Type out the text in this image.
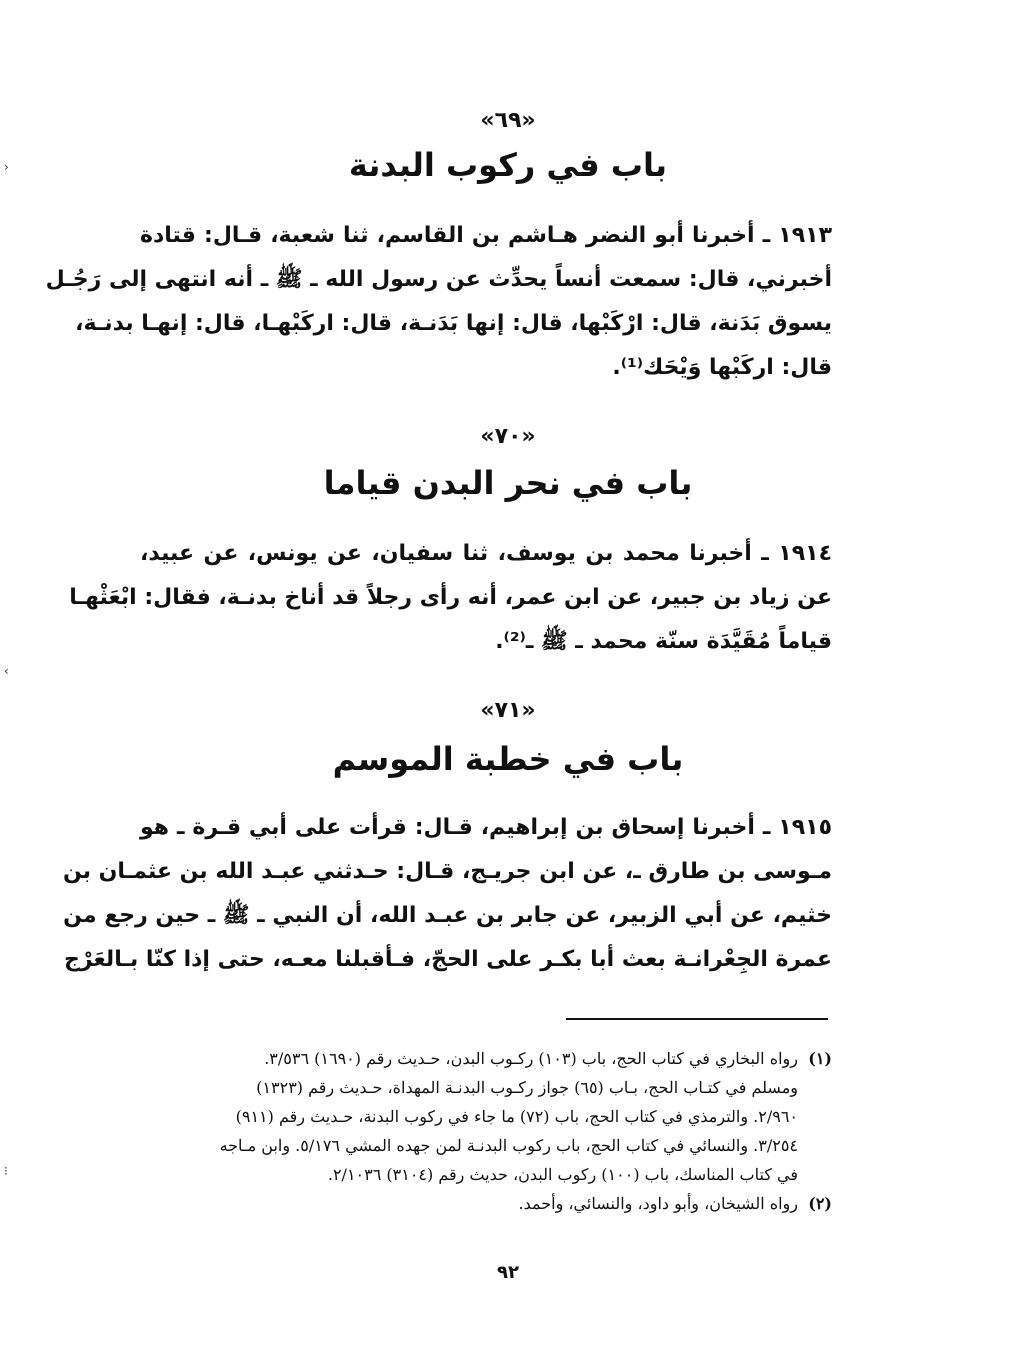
«٦٩»
باب في ركوب البدنة
١٩١٣ ـ أخبرنا أبو النضر هـاشم بن القاسم، ثنا شعبة، قـال: قتادة
أخبرني، قال: سمعت أنساً يحدِّث عن رسول الله ـ ﷺ ـ أنه انتهى إلى رَجُـل
يسوق بَدَنة، قال: ارْكَبْها، قال: إنها بَدَنـة، قال: اركَبْهـا، قال: إنهـا بدنـة،
قال: اركَبْها وَيْحَك⁽¹⁾.
«٧٠»
باب في نحر البدن قياما
١٩١٤ ـ أخبرنا محمد بن يوسف، ثنا سفيان، عن يونس، عن عبيد،
عن زياد بن جبير، عن ابن عمر، أنه رأى رجلاً قد أناخ بدنـة، فقال: ابْعَثْهـا
قياماً مُقَيَّدَة سنّة محمد ـ ﷺ ـ⁽²⁾.
«٧١»
باب في خطبة الموسم
١٩١٥ ـ أخبرنا إسحاق بن إبراهيم، قـال: قرأت على أبي قـرة ـ هو
مـوسى بن طارق ـ، عن ابن جريـج، قـال: حـدثني عبـد الله بن عثمـان بن
خثيم، عن أبي الزبير، عن جابر بن عبـد الله، أن النبي ـ ﷺ ـ حين رجع من
عمرة الجِعْرانـة بعث أبا بكـر على الحجّ، فـأقبلنا معـه، حتى إذا كنّا بـالعَرْج
(١)رواه البخاري في كتاب الحج، باب (١٠٣) ركـوب البدن، حـديث رقم (١٦٩٠) ٣/٥٣٦.
ومسلم في كتـاب الحج، بـاب (٦٥) جواز ركـوب البدنـة المهداة، حـديث رقم (١٣٢٣)
٢/٩٦٠. والترمذي في كتاب الحج، باب (٧٢) ما جاء في ركوب البدنة، حـديث رقم (٩١١)
٣/٢٥٤. والنسائي في كتاب الحج، باب ركوب البدنـة لمن جهده المشي ٥/١٧٦. وابن مـاجه
في كتاب المناسك، باب (١٠٠) ركوب البدن، حديث رقم (٣١٠٤) ٢/١٠٣٦.
(٢)رواه الشيخان، وأبو داود، والنسائي، وأحمد.
٩٢
›
‹
⁝
